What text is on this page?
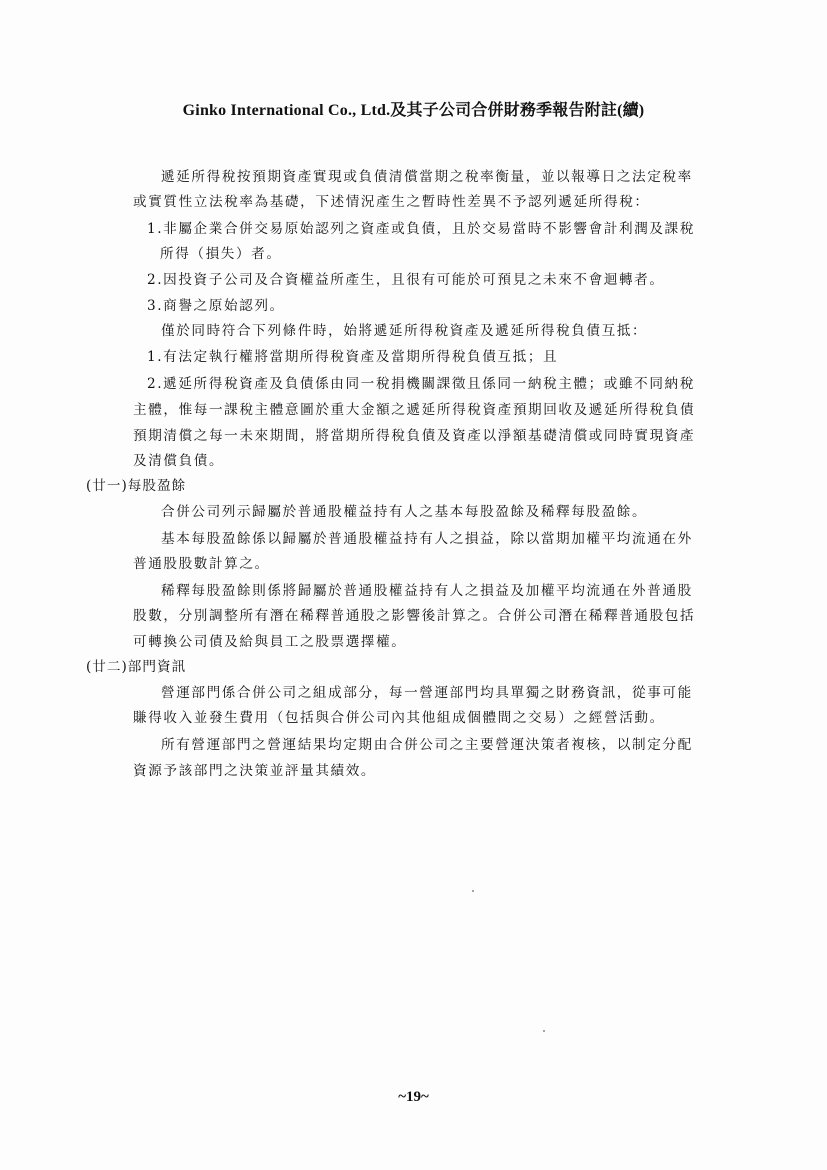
Ginko International Co., Ltd.及其子公司合併財務季報告附註(續)
遞延所得稅按預期資產實現或負債清償當期之稅率衡量，並以報導日之法定稅率
或實質性立法稅率為基礎，下述情況產生之暫時性差異不予認列遞延所得稅：
1.非屬企業合併交易原始認列之資產或負債，且於交易當時不影響會計利潤及課稅
所得（損失）者。
2.因投資子公司及合資權益所產生，且很有可能於可預見之未來不會迴轉者。
3.商譽之原始認列。
僅於同時符合下列條件時，始將遞延所得稅資產及遞延所得稅負債互抵：
1.有法定執行權將當期所得稅資產及當期所得稅負債互抵；且
2.遞延所得稅資產及負債係由同一稅捐機關課徵且係同一納稅主體；或雖不同納稅
主體，惟每一課稅主體意圖於重大金額之遞延所得稅資產預期回收及遞延所得稅負債
預期清償之每一未來期間，將當期所得稅負債及資產以淨額基礎清償或同時實現資產
及清償負債。
(廿一)每股盈餘
合併公司列示歸屬於普通股權益持有人之基本每股盈餘及稀釋每股盈餘。
基本每股盈餘係以歸屬於普通股權益持有人之損益，除以當期加權平均流通在外
普通股股數計算之。
稀釋每股盈餘則係將歸屬於普通股權益持有人之損益及加權平均流通在外普通股
股數，分別調整所有潛在稀釋普通股之影響後計算之。合併公司潛在稀釋普通股包括
可轉換公司債及給與員工之股票選擇權。
(廿二)部門資訊
營運部門係合併公司之組成部分，每一營運部門均具單獨之財務資訊，從事可能
賺得收入並發生費用（包括與合併公司內其他組成個體間之交易）之經營活動。
所有營運部門之營運結果均定期由合併公司之主要營運決策者複核，以制定分配
資源予該部門之決策並評量其績效。
~19~
